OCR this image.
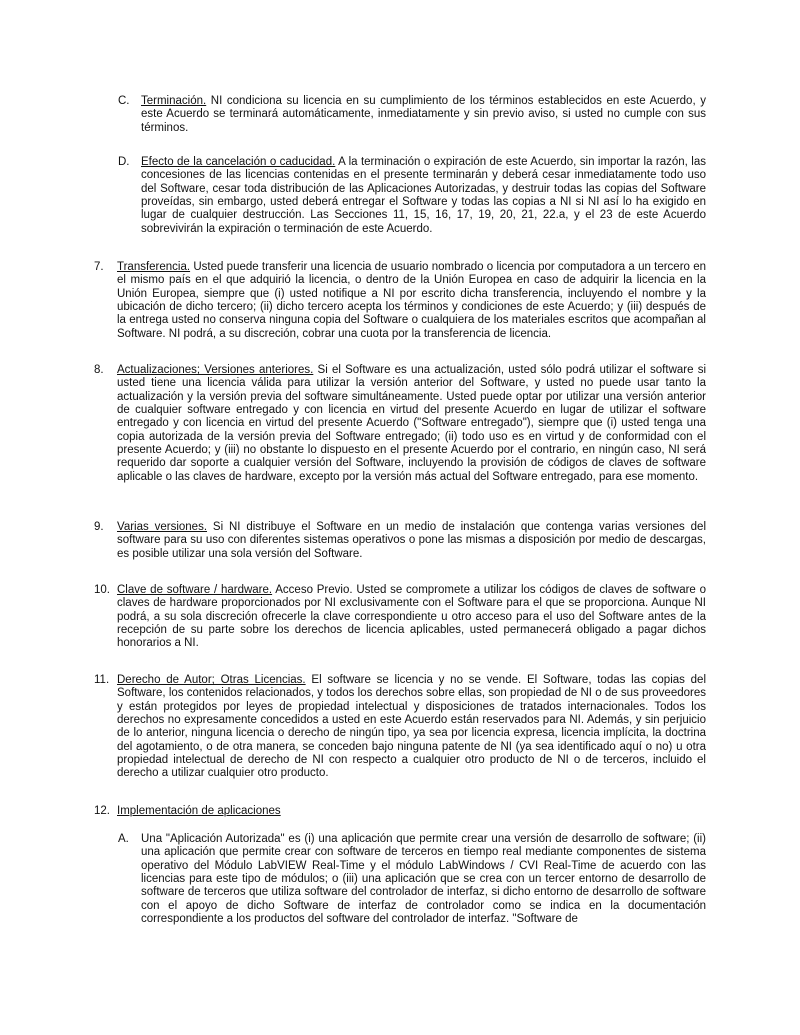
C. Terminación. NI condiciona su licencia en su cumplimiento de los términos establecidos en este Acuerdo, y este Acuerdo se terminará automáticamente, inmediatamente y sin previo aviso, si usted no cumple con sus términos.
D. Efecto de la cancelación o caducidad. A la terminación o expiración de este Acuerdo, sin importar la razón, las concesiones de las licencias contenidas en el presente terminarán y deberá cesar inmediatamente todo uso del Software, cesar toda distribución de las Aplicaciones Autorizadas, y destruir todas las copias del Software proveídas, sin embargo, usted deberá entregar el Software y todas las copias a NI si NI así lo ha exigido en lugar de cualquier destrucción. Las Secciones 11, 15, 16, 17, 19, 20, 21, 22.a, y el 23 de este Acuerdo sobrevivirán la expiración o terminación de este Acuerdo.
7. Transferencia. Usted puede transferir una licencia de usuario nombrado o licencia por computadora a un tercero en el mismo país en el que adquirió la licencia, o dentro de la Unión Europea en caso de adquirir la licencia en la Unión Europea, siempre que (i) usted notifique a NI por escrito dicha transferencia, incluyendo el nombre y la ubicación de dicho tercero; (ii) dicho tercero acepta los términos y condiciones de este Acuerdo; y (iii) después de la entrega usted no conserva ninguna copia del Software o cualquiera de los materiales escritos que acompañan al Software. NI podrá, a su discreción, cobrar una cuota por la transferencia de licencia.
8. Actualizaciones; Versiones anteriores. Si el Software es una actualización, usted sólo podrá utilizar el software si usted tiene una licencia válida para utilizar la versión anterior del Software, y usted no puede usar tanto la actualización y la versión previa del software simultáneamente. Usted puede optar por utilizar una versión anterior de cualquier software entregado y con licencia en virtud del presente Acuerdo en lugar de utilizar el software entregado y con licencia en virtud del presente Acuerdo ("Software entregado"), siempre que (i) usted tenga una copia autorizada de la versión previa del Software entregado; (ii) todo uso es en virtud y de conformidad con el presente Acuerdo; y (iii) no obstante lo dispuesto en el presente Acuerdo por el contrario, en ningún caso, NI será requerido dar soporte a cualquier versión del Software, incluyendo la provisión de códigos de claves de software aplicable o las claves de hardware, excepto por la versión más actual del Software entregado, para ese momento.
9. Varias versiones. Si NI distribuye el Software en un medio de instalación que contenga varias versiones del software para su uso con diferentes sistemas operativos o pone las mismas a disposición por medio de descargas, es posible utilizar una sola versión del Software.
10. Clave de software / hardware. Acceso Previo. Usted se compromete a utilizar los códigos de claves de software o claves de hardware proporcionados por NI exclusivamente con el Software para el que se proporciona. Aunque NI podrá, a su sola discreción ofrecerle la clave correspondiente u otro acceso para el uso del Software antes de la recepción de su parte sobre los derechos de licencia aplicables, usted permanecerá obligado a pagar dichos honorarios a NI.
11. Derecho de Autor; Otras Licencias. El software se licencia y no se vende. El Software, todas las copias del Software, los contenidos relacionados, y todos los derechos sobre ellas, son propiedad de NI o de sus proveedores y están protegidos por leyes de propiedad intelectual y disposiciones de tratados internacionales. Todos los derechos no expresamente concedidos a usted en este Acuerdo están reservados para NI. Además, y sin perjuicio de lo anterior, ninguna licencia o derecho de ningún tipo, ya sea por licencia expresa, licencia implícita, la doctrina del agotamiento, o de otra manera, se conceden bajo ninguna patente de NI (ya sea identificado aquí o no) u otra propiedad intelectual de derecho de NI con respecto a cualquier otro producto de NI o de terceros, incluido el derecho a utilizar cualquier otro producto.
12. Implementación de aplicaciones
A. Una "Aplicación Autorizada" es (i) una aplicación que permite crear una versión de desarrollo de software; (ii) una aplicación que permite crear con software de terceros en tiempo real mediante componentes de sistema operativo del Módulo LabVIEW Real-Time y el módulo LabWindows / CVI Real-Time de acuerdo con las licencias para este tipo de módulos; o (iii) una aplicación que se crea con un tercer entorno de desarrollo de software de terceros que utiliza software del controlador de interfaz, si dicho entorno de desarrollo de software con el apoyo de dicho Software de interfaz de controlador como se indica en la documentación correspondiente a los productos del software del controlador de interfaz. "Software de
